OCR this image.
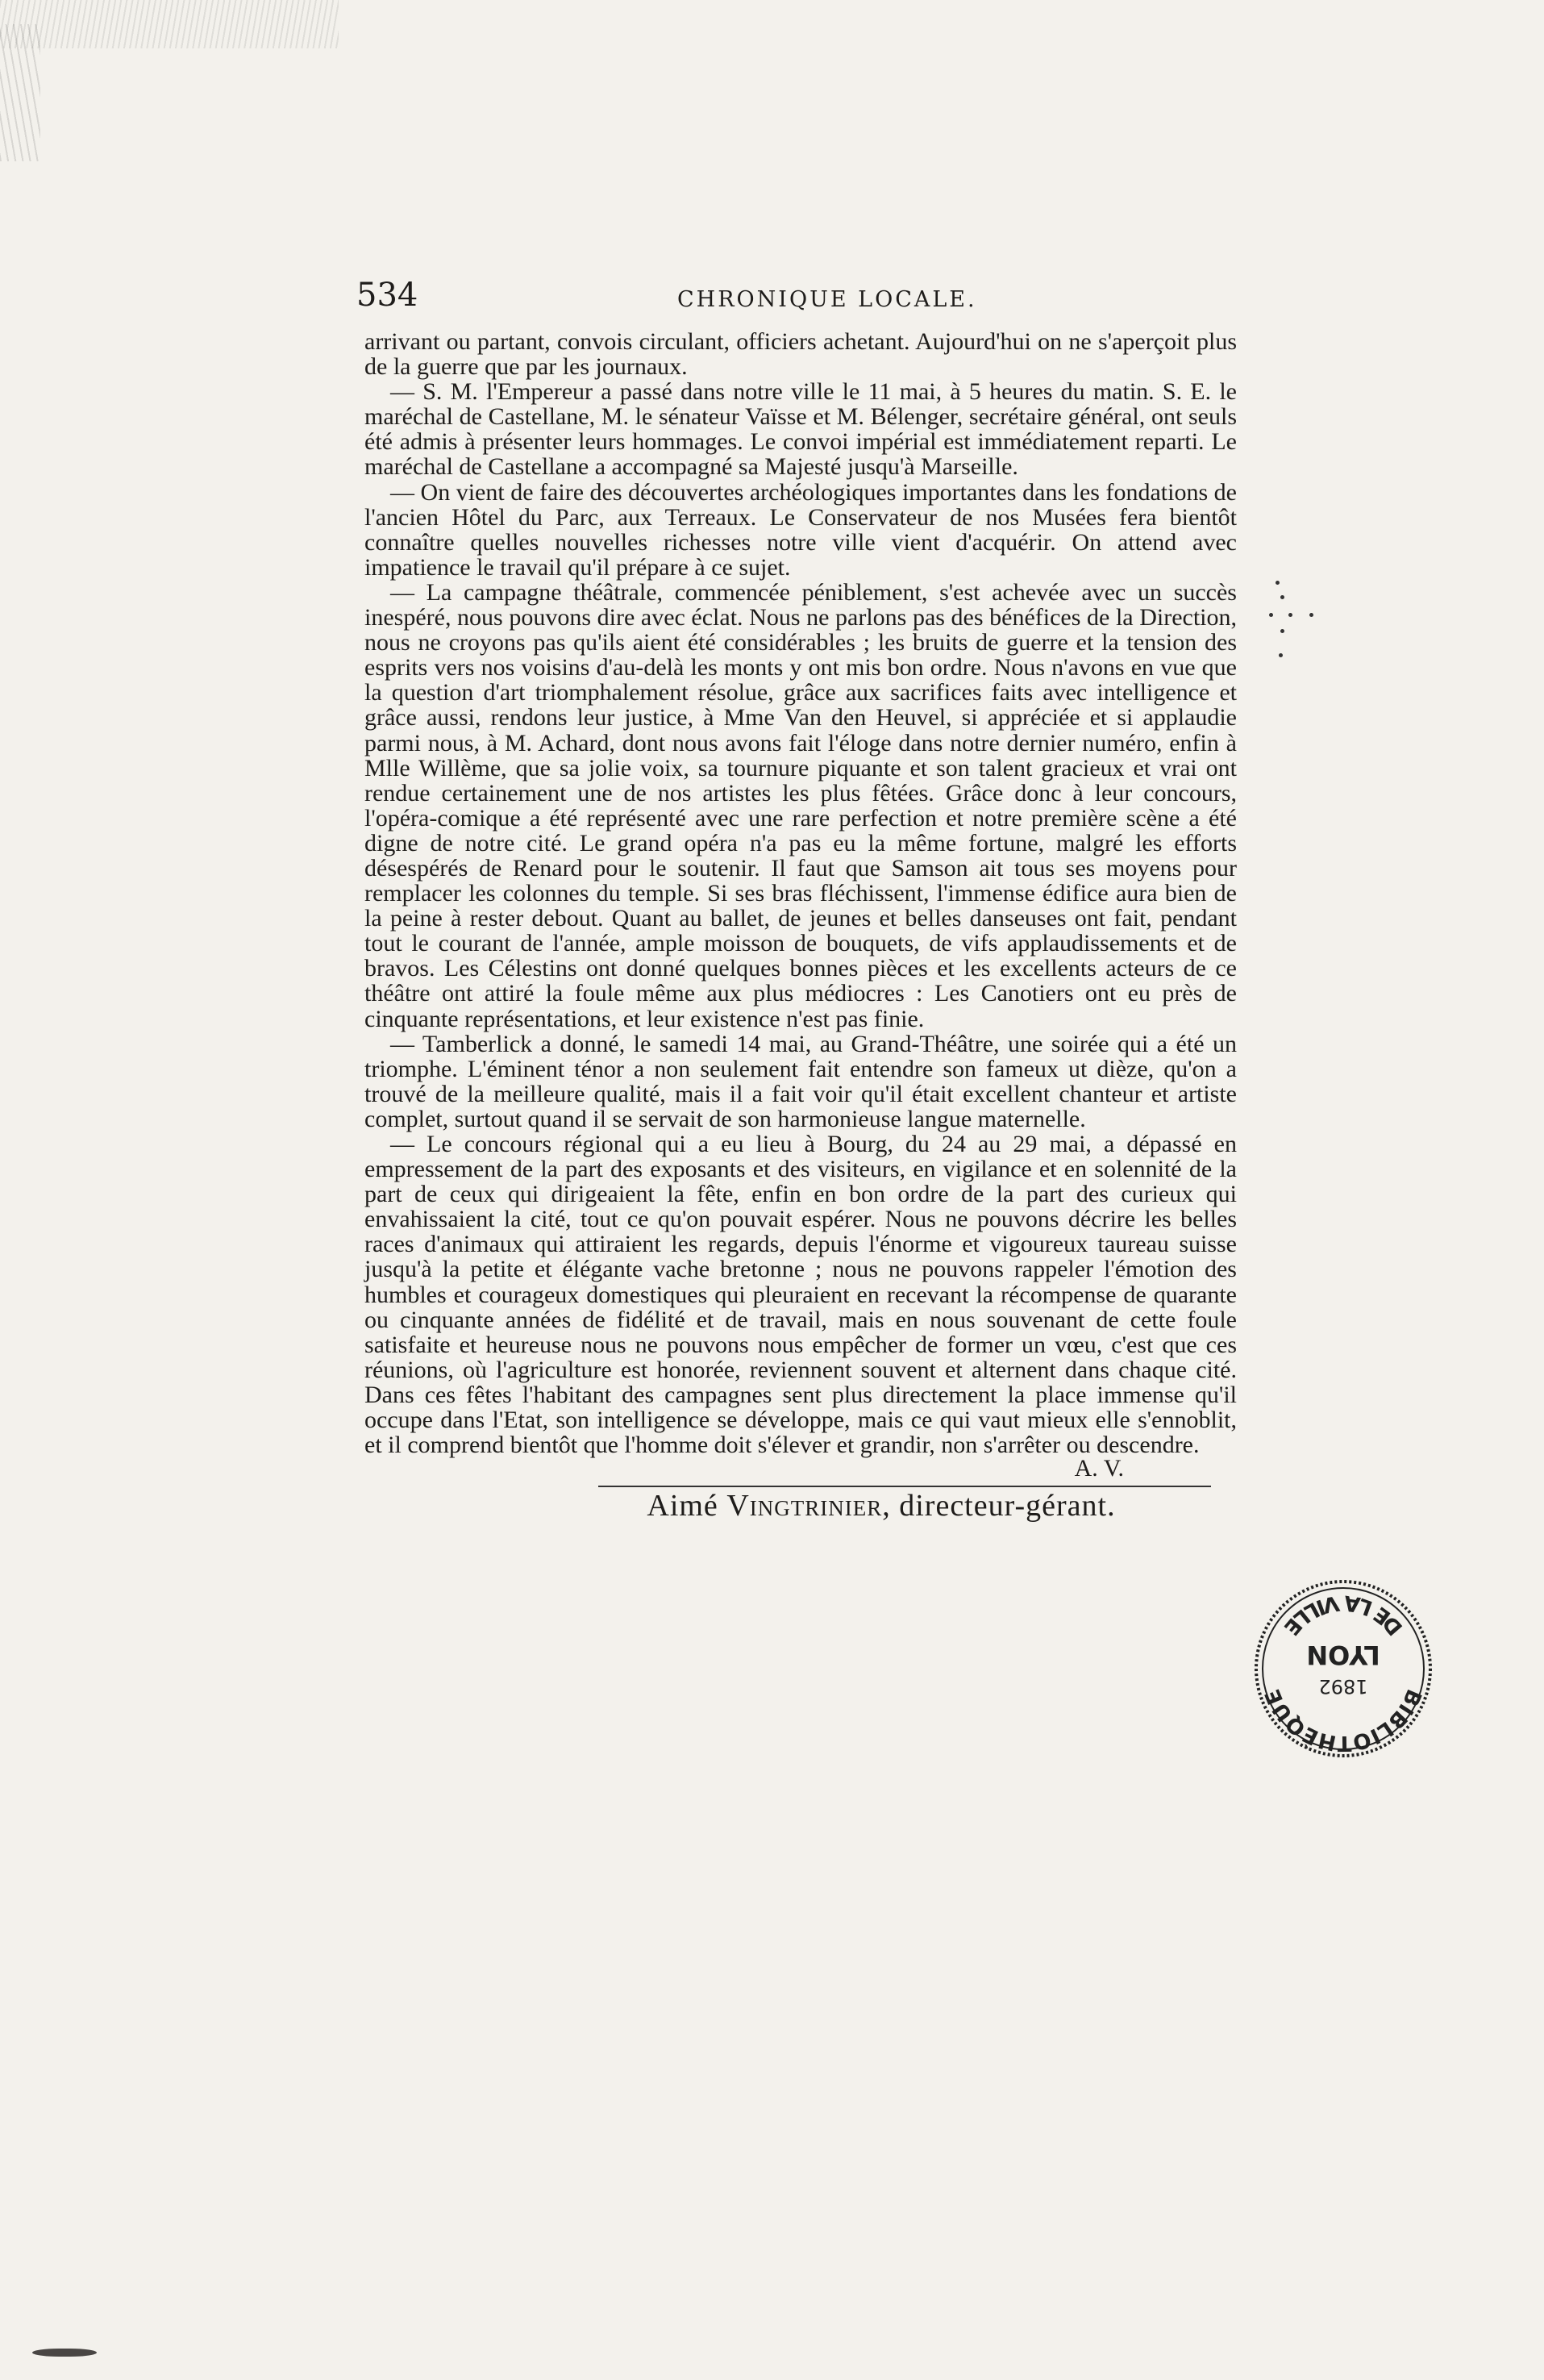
534	CHRONIQUE LOCALE.

arrivant ou partant, convois circulant, officiers achetant. Aujourd'hui on ne s'aperçoit plus de la guerre que par les journaux.

— S. M. l'Empereur a passé dans notre ville le 11 mai, à 5 heures du matin. S. E. le maréchal de Castellane, M. le sénateur Vaïsse et M. Bélenger, secrétaire général, ont seuls été admis à présenter leurs hommages. Le convoi impérial est immédiatement reparti. Le maréchal de Castellane a accompagné sa Majesté jusqu'à Marseille.

— On vient de faire des découvertes archéologiques importantes dans les fondations de l'ancien Hôtel du Parc, aux Terreaux. Le Conservateur de nos Musées fera bientôt connaître quelles nouvelles richesses notre ville vient d'acquérir. On attend avec impatience le travail qu'il prépare à ce sujet.

— La campagne théâtrale, commencée péniblement, s'est achevée avec un succès inespéré, nous pouvons dire avec éclat. Nous ne parlons pas des bénéfices de la Direction, nous ne croyons pas qu'ils aient été considérables ; les bruits de guerre et la tension des esprits vers nos voisins d'au-delà les monts y ont mis bon ordre. Nous n'avons en vue que la question d'art triomphalement résolue, grâce aux sacrifices faits avec intelligence et grâce aussi, rendons leur justice, à Mme Van den Heuvel, si appréciée et si applaudie parmi nous, à M. Achard, dont nous avons fait l'éloge dans notre dernier numéro, enfin à Mlle Willème, que sa jolie voix, sa tournure piquante et son talent gracieux et vrai ont rendue certainement une de nos artistes les plus fêtées. Grâce donc à leur concours, l'opéra-comique a été représenté avec une rare perfection et notre première scène a été digne de notre cité. Le grand opéra n'a pas eu la même fortune, malgré les efforts désespérés de Renard pour le soutenir. Il faut que Samson ait tous ses moyens pour remplacer les colonnes du temple. Si ses bras fléchissent, l'immense édifice aura bien de la peine à rester debout. Quant au ballet, de jeunes et belles danseuses ont fait, pendant tout le courant de l'année, ample moisson de bouquets, de vifs applaudissements et de bravos. Les Célestins ont donné quelques bonnes pièces et les excellents acteurs de ce théâtre ont attiré la foule même aux plus médiocres : Les Canotiers ont eu près de cinquante représentations, et leur existence n'est pas finie.

— Tamberlick a donné, le samedi 14 mai, au Grand-Théâtre, une soirée qui a été un triomphe. L'éminent ténor a non seulement fait entendre son fameux ut dièze, qu'on a trouvé de la meilleure qualité, mais il a fait voir qu'il était excellent chanteur et artiste complet, surtout quand il se servait de son harmonieuse langue maternelle.

— Le concours régional qui a eu lieu à Bourg, du 24 au 29 mai, a dépassé en empressement de la part des exposants et des visiteurs, en vigilance et en solennité de la part de ceux qui dirigeaient la fête, enfin en bon ordre de la part des curieux qui envahissaient la cité, tout ce qu'on pouvait espérer. Nous ne pouvons décrire les belles races d'animaux qui attiraient les regards, depuis l'énorme et vigoureux taureau suisse jusqu'à la petite et élégante vache bretonne ; nous ne pouvons rappeler l'émotion des humbles et courageux domestiques qui pleuraient en recevant la récompense de quarante ou cinquante années de fidélité et de travail, mais en nous souvenant de cette foule satisfaite et heureuse nous ne pouvons nous empêcher de former un vœu, c'est que ces réunions, où l'agriculture est honorée, reviennent souvent et alternent dans chaque cité. Dans ces fêtes l'habitant des campagnes sent plus directement la place immense qu'il occupe dans l'Etat, son intelligence se développe, mais ce qui vaut mieux elle s'ennoblit, et il comprend bientôt que l'homme doit s'élever et grandir, non s'arrêter ou descendre.

A. V.
Aimé Vingtrinier, directeur-gérant.
BIBLIOTHÈQUE
DE LA VILLE
1892
LYON
